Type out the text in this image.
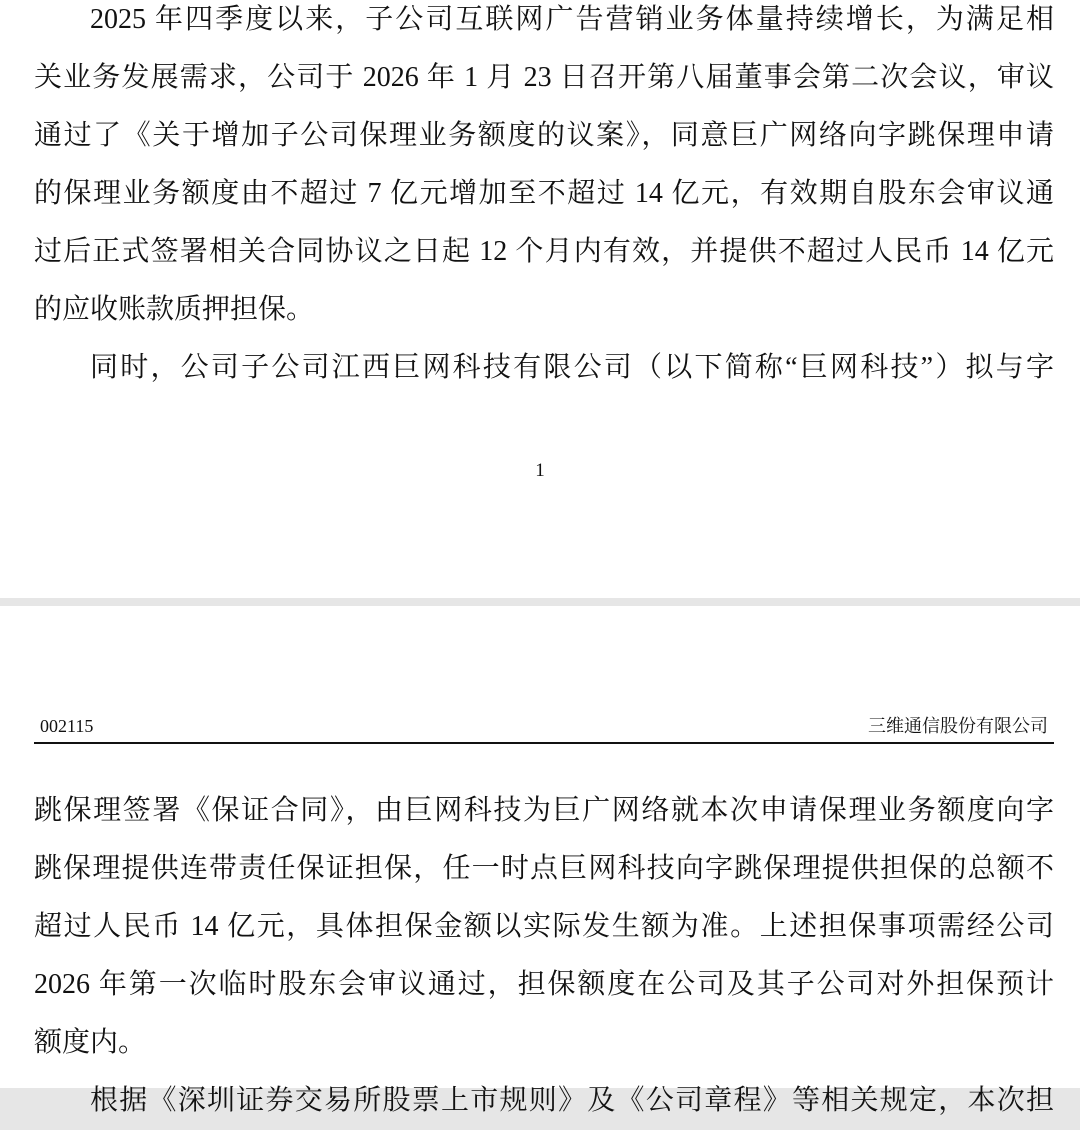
2025 年四季度以来，子公司互联网广告营销业务体量持续增长，为满足相
关业务发展需求，公司于 2026 年 1 月 23 日召开第八届董事会第二次会议，审议
通过了《关于增加子公司保理业务额度的议案》，同意巨广网络向字跳保理申请
的保理业务额度由不超过 7 亿元增加至不超过 14 亿元，有效期自股东会审议通
过后正式签署相关合同协议之日起 12 个月内有效，并提供不超过人民币 14 亿元
的应收账款质押担保。
同时，公司子公司江西巨网科技有限公司（以下简称“巨网科技”）拟与字
1
002115	三维通信股份有限公司
跳保理签署《保证合同》，由巨网科技为巨广网络就本次申请保理业务额度向字
跳保理提供连带责任保证担保，任一时点巨网科技向字跳保理提供担保的总额不
超过人民币 14 亿元，具体担保金额以实际发生额为准。上述担保事项需经公司
2026 年第一次临时股东会审议通过，担保额度在公司及其子公司对外担保预计
额度内。
根据《深圳证券交易所股票上市规则》及《公司章程》等相关规定，本次担
